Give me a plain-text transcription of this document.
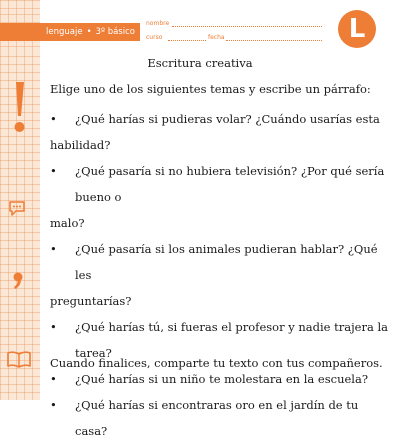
lenguaje • 3º básico
nombre
curso	fecha	L
Escritura creativa
Elige uno de los siguientes temas y escribe un párrafo:
• ¿Qué harías si pudieras volar? ¿Cuándo usarías esta
habilidad?
• ¿Qué pasaría si no hubiera televisión? ¿Por qué sería bueno o
malo?
• ¿Qué pasaría si los animales pudieran hablar? ¿Qué les
preguntarías?
• ¿Qué harías tú, si fueras el profesor y nadie trajera la tarea?
• ¿Qué harías si un niño te molestara en la escuela?
• ¿Qué harías si encontraras oro en el jardín de tu casa?
Cuando finalices, comparte tu texto con tus compañeros.
